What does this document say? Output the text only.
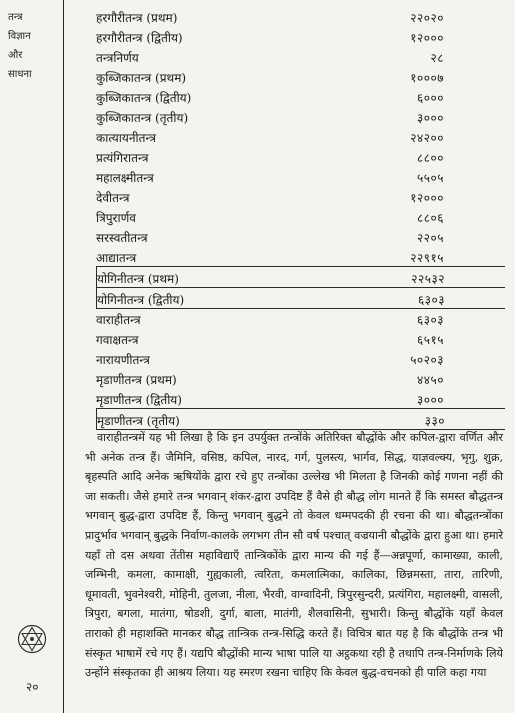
तन्त्र
विज्ञान
और
साधना
हरगौरीतन्त्र (प्रथम)	२२०२०
हरगौरीतन्त्र (द्वितीय)	१२०००
तन्त्रनिर्णय	२८
कुब्जिकातन्त्र (प्रथम)	१०००७
कुब्जिकातन्त्र (द्वितीय)	६०००
कुब्जिकातन्त्र (तृतीय)	३०००
कात्यायनीतन्त्र	२४२००
प्रत्यंगिरातन्त्र	८८००
महालक्ष्मीतन्त्र	५५०५
देवीतन्त्र	१२०००
त्रिपुरार्णव	८८०६
सरस्वतीतन्त्र	२२०५
आद्यातन्त्र	२२९१५
योगिनीतन्त्र (प्रथम)	२२५३२
योगिनीतन्त्र (द्वितीय)	६३०३
वाराहीतन्त्र	६३०३
गवाक्षतन्त्र	६५१५
नारायणीतन्त्र	५०२०३
मृडाणीतन्त्र (प्रथम)	४४५०
मृडाणीतन्त्र (द्वितीय)	३०००
मृडाणीतन्त्र (तृतीय)	३३०

वाराहीतन्त्रमें यह भी लिखा है कि इन उपर्युक्त तन्त्रोंके अतिरिक्त बौद्धोंके और कपिल-द्वारा वर्णित और भी अनेक तन्त्र हैं। जैमिनि, वसिष्ठ, कपिल, नारद, गर्ग, पुलस्त्य, भार्गव, सिद्ध, याज्ञवल्क्य, भृगु, शुक्र, बृहस्पति आदि अनेक ऋषियोंके द्वारा रचे हुए तन्त्रोंका उल्लेख भी मिलता है जिनकी कोई गणना नहीं की जा सकती। जैसे हमारे तन्त्र भगवान् शंकर-द्वारा उपदिष्ट हैं वैसे ही बौद्ध लोग मानते हैं कि समस्त बौद्धतन्त्र भगवान् बुद्ध-द्वारा उपदिष्ट हैं, किन्तु भगवान् बुद्धने तो केवल धम्मपदकी ही रचना की था। बौद्धतन्त्रोंका प्रादुर्भाव भगवान् बुद्धके निर्वाण-कालके लगभग तीन सौ वर्ष पश्चात् वज्रयानी बौद्धोंके द्वारा हुआ था। हमारे यहाँ तो दस अथवा तेंतीस महाविद्याएँ तान्त्रिकोंके द्वारा मान्य की गई हैं—अन्नपूर्णा, कामाख्या, काली, जम्भिनी, कमला, कामाक्षी, गुह्यकाली, त्वरिता, कमलात्मिका, कालिका, छिन्नमस्ता, तारा, तारिणी, धूमावती, भुवनेश्वरी, मोहिनी, तुलजा, नीला, भैरवी, वाग्वादिनी, त्रिपुरसुन्दरी, प्रत्यंगिरा, महालक्ष्मी, वासली, त्रिपुरा, बगला, मातंगा, षोडशी, दुर्गा, बाला, मातंगी, शैलवासिनी, सुभारी। किन्तु बौद्धोंके यहाँ केवल ताराको ही महाशक्ति मानकर बौद्ध तान्त्रिक तन्त्र-सिद्धि करते हैं। विचित्र बात यह है कि बौद्धोंके तन्त्र भी संस्कृत भाषामें रचे गए हैं। यद्यपि बौद्धोंकी मान्य भाषा पालि या अट्ठकथा रही है तथापि तन्त्र-निर्माणके लिये उन्होंने संस्कृतका ही आश्रय लिया। यह स्मरण रखना चाहिए कि केवल बुद्ध-वचनको ही पालि कहा गया

२०
